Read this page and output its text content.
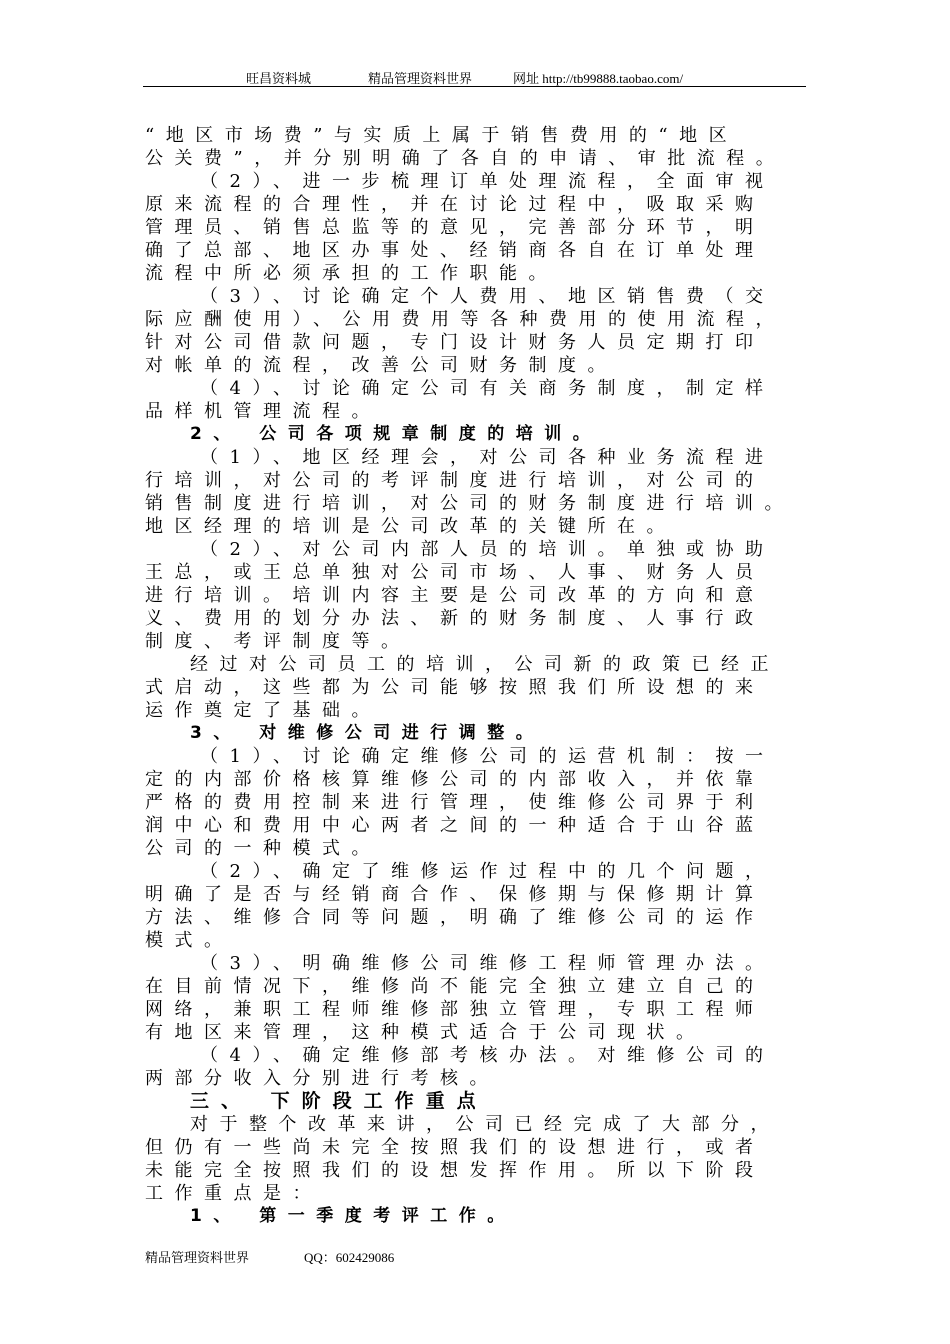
旺昌资料城	精品管理资料世界	网址 http://tb99888.taobao.com/
“地区市场费”与实质上属于销售费用的“地区
公关费”，并分别明确了各自的申请、审批流程。
（2）、进一步梳理订单处理流程，全面审视
原来流程的合理性，并在讨论过程中，吸取采购
管理员、销售总监等的意见，完善部分环节，明
确了总部、地区办事处、经销商各自在订单处理
流程中所必须承担的工作职能。
（3）、讨论确定个人费用、地区销售费（交
际应酬使用）、公用费用等各种费用的使用流程，
针对公司借款问题，专门设计财务人员定期打印
对帐单的流程，改善公司财务制度。
（4）、讨论确定公司有关商务制度，制定样
品样机管理流程。
2、 公司各项规章制度的培训。
（1）、地区经理会，对公司各种业务流程进
行培训，对公司的考评制度进行培训，对公司的
销售制度进行培训，对公司的财务制度进行培训。
地区经理的培训是公司改革的关键所在。
（2）、对公司内部人员的培训。单独或协助
王总，或王总单独对公司市场、人事、财务人员
进行培训。培训内容主要是公司改革的方向和意
义、费用的划分办法、新的财务制度、人事行政
制度、考评制度等。
经过对公司员工的培训，公司新的政策已经正
式启动，这些都为公司能够按照我们所设想的来
运作奠定了基础。
3、 对维修公司进行调整。
（1）、讨论确定维修公司的运营机制：按一
定的内部价格核算维修公司的内部收入，并依靠
严格的费用控制来进行管理，使维修公司界于利
润中心和费用中心两者之间的一种适合于山谷蓝
公司的一种模式。
（2）、确定了维修运作过程中的几个问题，
明确了是否与经销商合作、保修期与保修期计算
方法、维修合同等问题，明确了维修公司的运作
模式。
（3）、明确维修公司维修工程师管理办法。
在目前情况下，维修尚不能完全独立建立自己的
网络，兼职工程师维修部独立管理，专职工程师
有地区来管理，这种模式适合于公司现状。
（4）、确定维修部考核办法。对维修公司的
两部分收入分别进行考核。
三、 下阶段工作重点
对于整个改革来讲，公司已经完成了大部分，
但仍有一些尚未完全按照我们的设想进行，或者
未能完全按照我们的设想发挥作用。所以下阶段
工作重点是：
1、 第一季度考评工作。
精品管理资料世界	QQ：602429086
